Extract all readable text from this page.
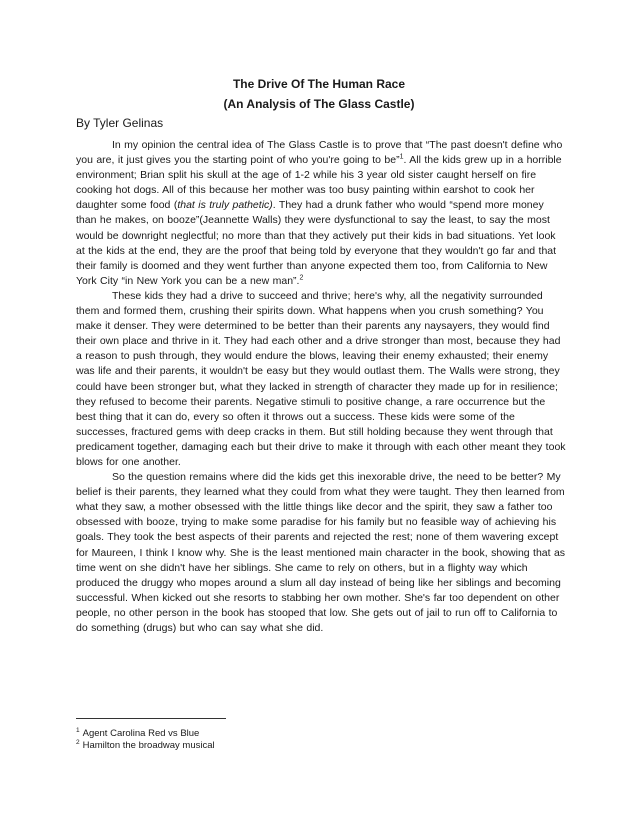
The Drive Of The Human Race
(An Analysis of The Glass Castle)
By Tyler Gelinas

In my opinion the central idea of The Glass Castle is to prove that “The past doesn't define who you are, it just gives you the starting point of who you're going to be”$^1$. All the kids grew up in a horrible environment; Brian split his skull at the age of 1-2 while his 3 year old sister caught herself on fire cooking hot dogs. All of this because her mother was too busy painting within earshot to cook her daughter some food (that is truly pathetic). They had a drunk father who would “spend more money than he makes, on booze”(Jeannette Walls) they were dysfunctional to say the least, to say the most would be downright neglectful; no more than that they actively put their kids in bad situations. Yet look at the kids at the end, they are the proof that being told by everyone that they wouldn't go far and that their family is doomed and they went further than anyone expected them too, from California to New York City “in New York you can be a new man”.$^2$

These kids they had a drive to succeed and thrive; here's why, all the negativity surrounded them and formed them, crushing their spirits down. What happens when you crush something? You make it denser. They were determined to be better than their parents any naysayers, they would find their own place and thrive in it. They had each other and a drive stronger than most, because they had a reason to push through, they would endure the blows, leaving their enemy exhausted; their enemy was life and their parents, it wouldn't be easy but they would outlast them. The Walls were strong, they could have been stronger but, what they lacked in strength of character they made up for in resilience; they refused to become their parents. Negative stimuli to positive change, a rare occurrence but the best thing that it can do, every so often it throws out a success. These kids were some of the successes, fractured gems with deep cracks in them. But still holding because they went through that predicament together, damaging each but their drive to make it through with each other meant they took blows for one another.

So the question remains where did the kids get this inexorable drive, the need to be better? My belief is their parents, they learned what they could from what they were taught. They then learned from what they saw, a mother obsessed with the little things like decor and the spirit, they saw a father too obsessed with booze, trying to make some paradise for his family but no feasible way of achieving his goals. They took the best aspects of their parents and rejected the rest; none of them wavering except for Maureen, I think I know why. She is the least mentioned main character in the book, showing that as time went on she didn't have her siblings. She came to rely on others, but in a flighty way which produced the druggy who mopes around a slum all day instead of being like her siblings and becoming successful. When kicked out she resorts to stabbing her own mother. She's far too dependent on other people, no other person in the book has stooped that low. She gets out of jail to run off to California to do something (drugs) but who can say what she did.

$^1$ Agent Carolina Red vs Blue
$^2$ Hamilton the broadway musical
